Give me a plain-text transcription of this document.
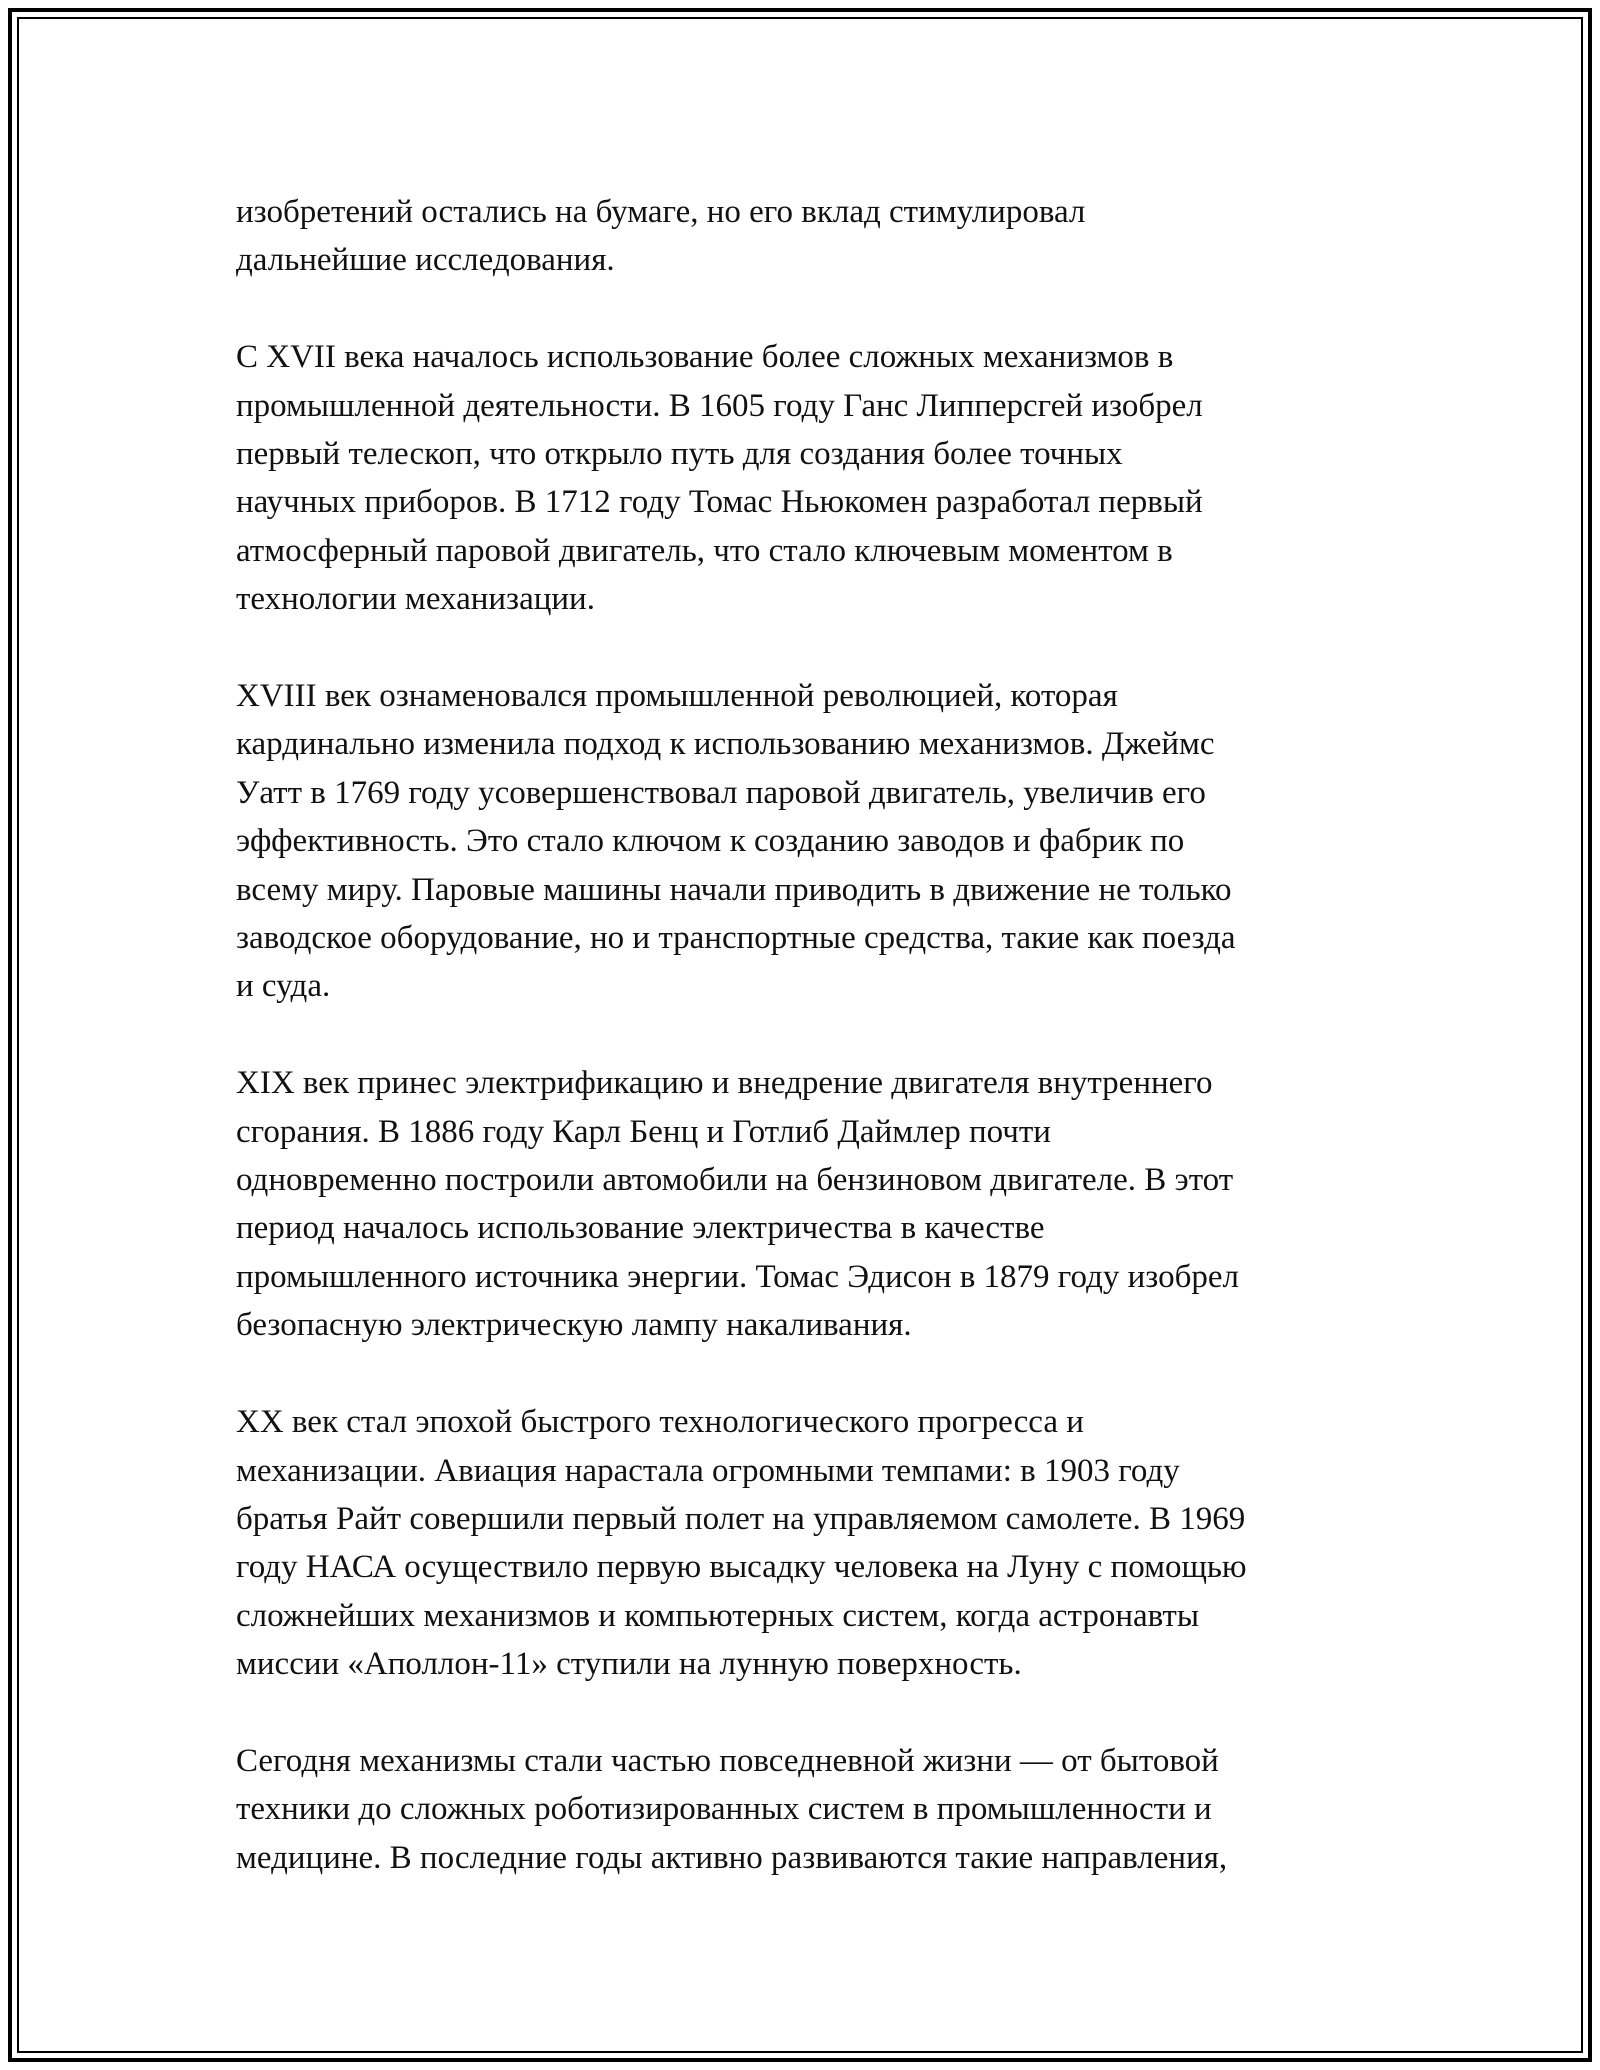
изобретений остались на бумаге, но его вклад стимулировал
дальнейшие исследования.

С XVII века началось использование более сложных механизмов в
промышленной деятельности. В 1605 году Ганс Липперсгей изобрел
первый телескоп, что открыло путь для создания более точных
научных приборов. В 1712 году Томас Ньюкомен разработал первый
атмосферный паровой двигатель, что стало ключевым моментом в
технологии механизации.

XVIII век ознаменовался промышленной революцией, которая
кардинально изменила подход к использованию механизмов. Джеймс
Уатт в 1769 году усовершенствовал паровой двигатель, увеличив его
эффективность. Это стало ключом к созданию заводов и фабрик по
всему миру. Паровые машины начали приводить в движение не только
заводское оборудование, но и транспортные средства, такие как поезда
и суда.

XIX век принес электрификацию и внедрение двигателя внутреннего
сгорания. В 1886 году Карл Бенц и Готлиб Даймлер почти
одновременно построили автомобили на бензиновом двигателе. В этот
период началось использование электричества в качестве
промышленного источника энергии. Томас Эдисон в 1879 году изобрел
безопасную электрическую лампу накаливания.

XX век стал эпохой быстрого технологического прогресса и
механизации. Авиация нарастала огромными темпами: в 1903 году
братья Райт совершили первый полет на управляемом самолете. В 1969
году НАСА осуществило первую высадку человека на Луну с помощью
сложнейших механизмов и компьютерных систем, когда астронавты
миссии «Аполлон-11» ступили на лунную поверхность.

Сегодня механизмы стали частью повседневной жизни — от бытовой
техники до сложных роботизированных систем в промышленности и
медицине. В последние годы активно развиваются такие направления,
